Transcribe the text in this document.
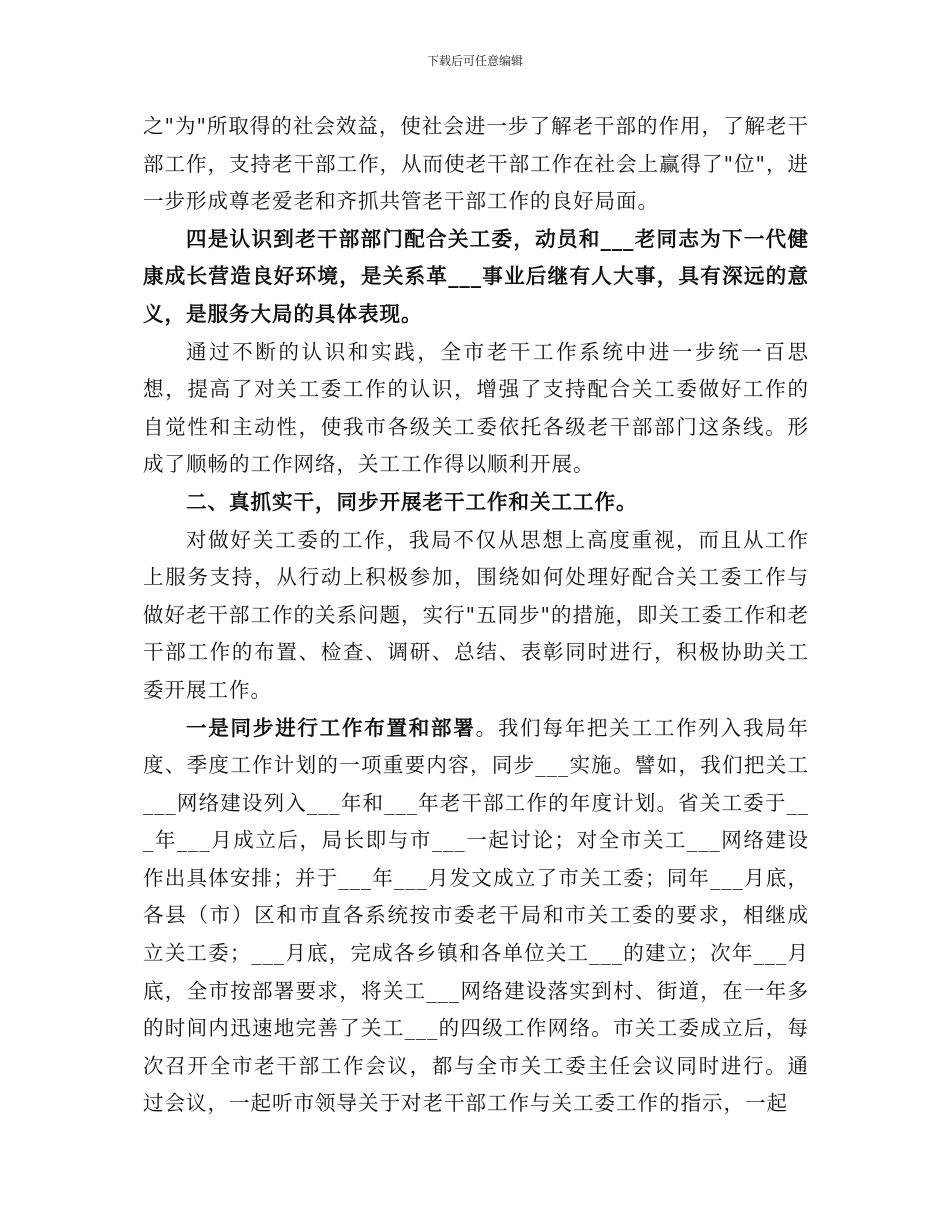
下载后可任意编辑

之"为"所取得的社会效益，使社会进一步了解老干部的作用，了解老干部工作，支持老干部工作，从而使老干部工作在社会上赢得了"位"，进一步形成尊老爱老和齐抓共管老干部工作的良好局面。

四是认识到老干部部门配合关工委，动员和___老同志为下一代健康成长营造良好环境，是关系革___事业后继有人大事，具有深远的意义，是服务大局的具体表现。

通过不断的认识和实践，全市老干工作系统中进一步统一百思想，提高了对关工委工作的认识，增强了支持配合关工委做好工作的自觉性和主动性，使我市各级关工委依托各级老干部部门这条线。形成了顺畅的工作网络，关工工作得以顺利开展。

二、真抓实干，同步开展老干工作和关工工作。

对做好关工委的工作，我局不仅从思想上高度重视，而且从工作上服务支持，从行动上积极参加，围绕如何处理好配合关工委工作与做好老干部工作的关系问题，实行"五同步"的措施，即关工委工作和老干部工作的布置、检查、调研、总结、表彰同时进行，积极协助关工委开展工作。

一是同步进行工作布置和部署。我们每年把关工工作列入我局年度、季度工作计划的一项重要内容，同步___实施。譬如，我们把关工___网络建设列入___年和___年老干部工作的年度计划。省关工委于___年___月成立后，局长即与市___一起讨论；对全市关工___网络建设作出具体安排；并于___年___月发文成立了市关工委；同年___月底，各县（市）区和市直各系统按市委老干局和市关工委的要求，相继成立关工委；___月底，完成各乡镇和各单位关工___的建立；次年___月底，全市按部署要求，将关工___网络建设落实到村、街道，在一年多的时间内迅速地完善了关工___的四级工作网络。市关工委成立后，每次召开全市老干部工作会议，都与全市关工委主任会议同时进行。通过会议，一起听市领导关于对老干部工作与关工委工作的指示，一起
